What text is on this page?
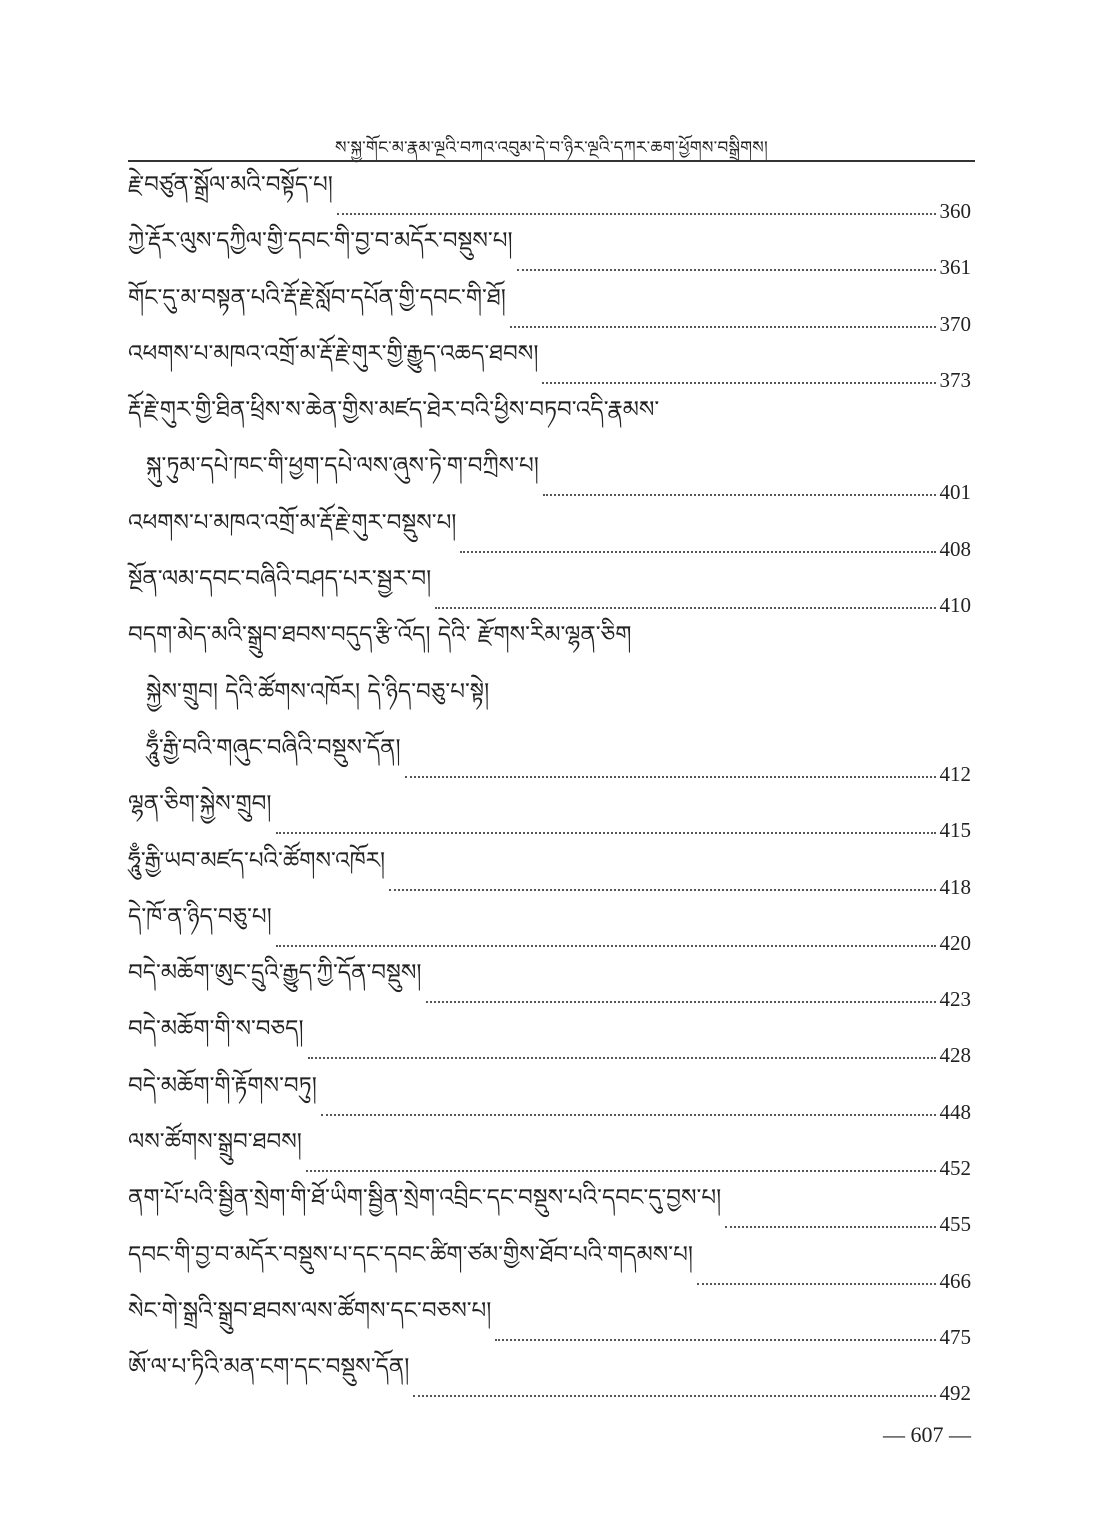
ས་སྐྱ་གོང་མ་རྣམ་ལྔའི་བཀའ་འབུམ་དེ་བ་ཉིར་ལྔའི་དཀར་ཆག་ཕྱོགས་བསྒྲིགས།
རྗེ་བཙུན་སྒྲོལ་མའི་བསྟོད་པ།
360
ཀྱེ་རྡོར་ལུས་དཀྱིལ་གྱི་དབང་གི་བྱ་བ་མདོར་བསྡུས་པ།
361
གོང་དུ་མ་བསྟན་པའི་རྡོ་རྗེ་སློབ་དཔོན་གྱི་དབང་གི་ཐོ།
370
འཕགས་པ་མཁའ་འགྲོ་མ་རྡོ་རྗེ་གུར་གྱི་རྒྱུད་འཆད་ཐབས།
373
རྡོ་རྗེ་གུར་གྱི་ཐིན་ཕྲིས་ས་ཆེན་གྱིས་མཛད་ཐེར་བའི་ཕྱིས་བཏབ་འདི་རྣམས་
སྐུ་ཏུམ་དཔེ་ཁང་གི་ཕྱག་དཔེ་ལས་ཞུས་ཏེ་ག་བཀྲིས་པ།
401
འཕགས་པ་མཁའ་འགྲོ་མ་རྡོ་རྗེ་གུར་བསྡུས་པ།
408
སྔོན་ལམ་དབང་བཞིའི་བཤད་པར་སྦྱར་བ།
410
བདག་མེད་མའི་སྒྲུབ་ཐབས་བདུད་རྩི་འོད། དེའི་ རྫོགས་རིམ་ལྷན་ཅིག
སྐྱེས་གྲུབ། དེའི་ཚོགས་འཁོར། དེ་ཉིད་བཅུ་པ་སྟེ།
ཧཱུྃ་རྒྱི་བའི་གཞུང་བཞིའི་བསྡུས་དོན།
412
ལྷན་ཅིག་སྐྱེས་གྲུབ།
415
ཧཱུྃ་རྒྱི་ཡབ་མཛད་པའི་ཚོགས་འཁོར།
418
དེ་ཁོ་ན་ཉིད་བཅུ་པ།
420
བདེ་མཆོག་ཨུང་དྲུའི་རྒྱུད་ཀྱི་དོན་བསྡུས།
423
བདེ་མཆོག་གི་ས་བཅད།
428
བདེ་མཆོག་གི་རྟོགས་བཏུ།
448
ལས་ཚོགས་སྒྲུབ་ཐབས།
452
ནག་པོ་པའི་སྦྱིན་སྲེག་གི་ཐོ་ཡིག་སྦྱིན་སྲེག་འབྲིང་དང་བསྡུས་པའི་དབང་དུ་བྱས་པ།
455
དབང་གི་བྱ་བ་མདོར་བསྡུས་པ་དང་དབང་ཚིག་ཙམ་གྱིས་ཐོབ་པའི་གདམས་པ།
466
སེང་གེ་སྒྲའི་སྒྲུབ་ཐབས་ལས་ཚོགས་དང་བཅས་པ།
475
ཨོ་ལ་པ་ཏིའི་མན་ངག་དང་བསྡུས་དོན།
492
— 607 —
